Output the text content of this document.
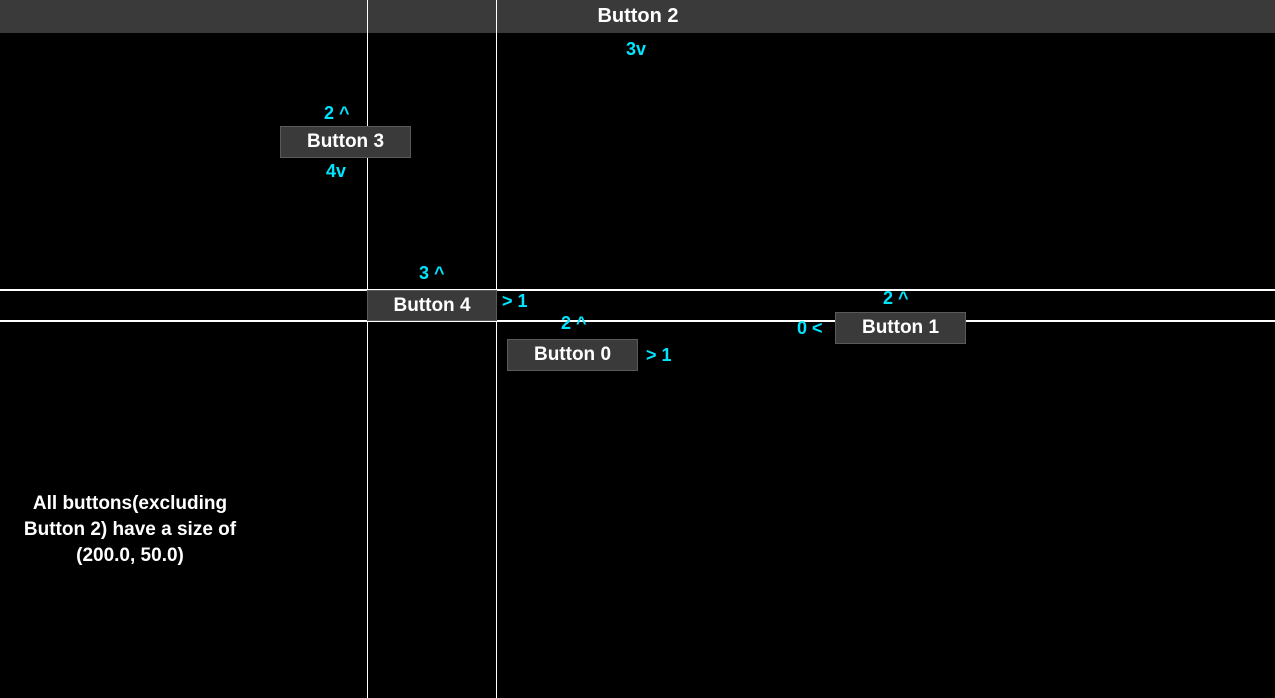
Button 2
Button 3
Button 4
Button 0
Button 1
3v
2 ^
4v
3 ^
> 1
2 ^
> 1
2 ^
0 <
All buttons(excluding
Button 2) have a size of
(200.0, 50.0)
